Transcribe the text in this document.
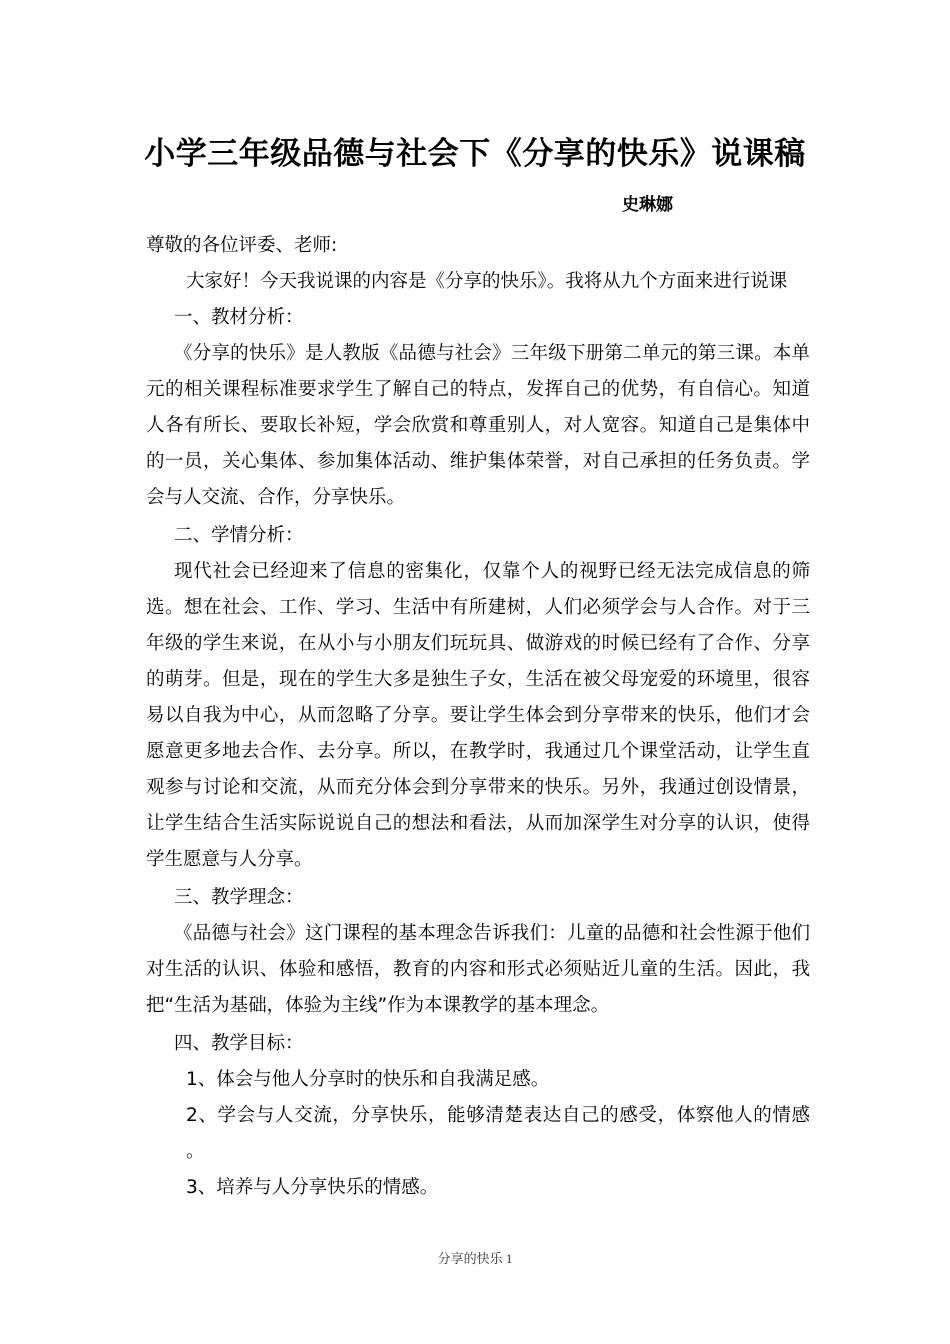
小学三年级品德与社会下《分享的快乐》说课稿
史琳娜

尊敬的各位评委、老师:

大家好！今天我说课的内容是《分享的快乐》。我将从九个方面来进行说课

一、教材分析：

《分享的快乐》是人教版《品德与社会》三年级下册第二单元的第三课。本单元的相关课程标准要求学生了解自己的特点，发挥自己的优势，有自信心。知道人各有所长、要取长补短，学会欣赏和尊重别人，对人宽容。知道自己是集体中的一员，关心集体、参加集体活动、维护集体荣誉，对自己承担的任务负责。学会与人交流、合作，分享快乐。

二、学情分析：

现代社会已经迎来了信息的密集化，仅靠个人的视野已经无法完成信息的筛选。想在社会、工作、学习、生活中有所建树，人们必须学会与人合作。对于三年级的学生来说，在从小与小朋友们玩玩具、做游戏的时候已经有了合作、分享的萌芽。但是，现在的学生大多是独生子女，生活在被父母宠爱的环境里，很容易以自我为中心，从而忽略了分享。要让学生体会到分享带来的快乐，他们才会愿意更多地去合作、去分享。所以，在教学时，我通过几个课堂活动，让学生直观参与讨论和交流，从而充分体会到分享带来的快乐。另外，我通过创设情景，让学生结合生活实际说说自己的想法和看法，从而加深学生对分享的认识，使得学生愿意与人分享。

三、教学理念：

《品德与社会》这门课程的基本理念告诉我们：儿童的品德和社会性源于他们对生活的认识、体验和感悟，教育的内容和形式必须贴近儿童的生活。因此，我把“生活为基础，体验为主线”作为本课教学的基本理念。

四、教学目标：

1、体会与他人分享时的快乐和自我满足感。

2、学会与人交流，分享快乐，能够清楚表达自己的感受，体察他人的情感 。

3、培养与人分享快乐的情感。

分享的快乐 1
